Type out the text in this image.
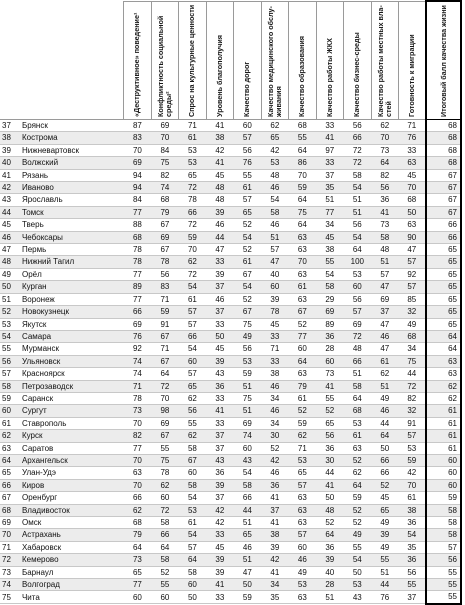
		«Деструктивное» поведение¹	Конфликтность социальной среды²	Спрос на культурные ценности	Уровень благополучия	Качество дорог	Качество медицинского обслу-живания	Качество образования	Качество работы ЖКХ	Качество бизнес-среды	Качество работы местных вла-стей	Готовность к миграции	Итоговый балл качества жизни

37	Брянск	87	69	71	41	60	62	68	33	56	62	71	68
38	Кострома	83	70	61	38	57	65	55	41	66	70	76	68
39	Нижневартовск	70	84	53	42	56	42	64	97	72	73	33	68
40	Волжский	69	75	53	41	76	53	86	33	72	64	63	68
41	Рязань	94	82	65	45	55	48	70	37	58	82	45	67
42	Иваново	94	74	72	48	61	46	59	35	54	56	70	67
43	Ярославль	84	68	78	48	57	54	64	51	51	36	68	67
44	Томск	77	79	66	39	65	58	75	77	51	41	50	67
45	Тверь	88	67	72	46	52	46	64	34	56	73	63	66
46	Чебоксары	68	69	59	44	54	51	63	45	54	58	90	66
47	Пермь	78	67	70	47	52	57	63	38	64	48	47	65
48	Нижний Тагил	78	78	62	33	61	47	70	55	100	51	57	65
49	Орёл	77	56	72	39	67	40	63	54	53	57	92	65
50	Курган	89	83	54	37	54	60	61	58	60	47	57	65
51	Воронеж	77	71	61	46	52	39	63	29	56	69	85	65
52	Новокузнецк	66	59	57	37	67	78	67	69	57	37	32	65
53	Якутск	69	91	57	33	75	45	52	89	69	47	49	65
54	Самара	76	67	66	50	49	33	77	36	72	46	68	64
55	Мурманск	92	71	54	45	56	71	60	28	48	47	34	64
56	Ульяновск	74	67	60	39	53	33	64	60	66	61	75	63
57	Красноярск	74	64	57	43	59	38	63	73	51	62	44	63
58	Петрозаводск	71	72	65	36	51	46	79	41	58	51	72	62
59	Саранск	78	70	62	33	75	34	61	55	64	49	82	62
60	Сургут	73	98	56	41	51	46	52	52	68	46	32	61
61	Ставрополь	70	69	55	33	69	34	59	65	53	44	91	61
62	Курск	82	67	62	37	74	30	62	56	61	64	57	61
63	Саратов	77	55	58	37	60	52	71	36	63	50	53	61
64	Архангельск	70	75	67	43	43	42	53	30	52	66	59	60
65	Улан-Удэ	63	78	60	36	54	46	65	44	62	66	42	60
66	Киров	70	62	58	39	58	36	57	41	64	52	70	60
67	Оренбург	66	60	54	37	66	41	63	50	59	45	61	59
68	Владивосток	62	72	53	42	44	37	63	48	52	65	38	58
69	Омск	68	58	61	42	51	41	63	52	52	49	36	58
70	Астрахань	79	66	54	33	65	38	57	64	49	39	54	58
71	Хабаровск	64	64	57	45	46	39	60	36	55	49	35	57
72	Кемерово	73	58	64	39	51	42	46	39	54	55	36	56
73	Барнаул	65	52	58	39	47	41	49	40	50	51	56	55
74	Волгоград	77	55	60	41	50	34	53	28	53	44	55	55
75	Чита	60	60	50	33	59	35	63	51	43	76	37	55
